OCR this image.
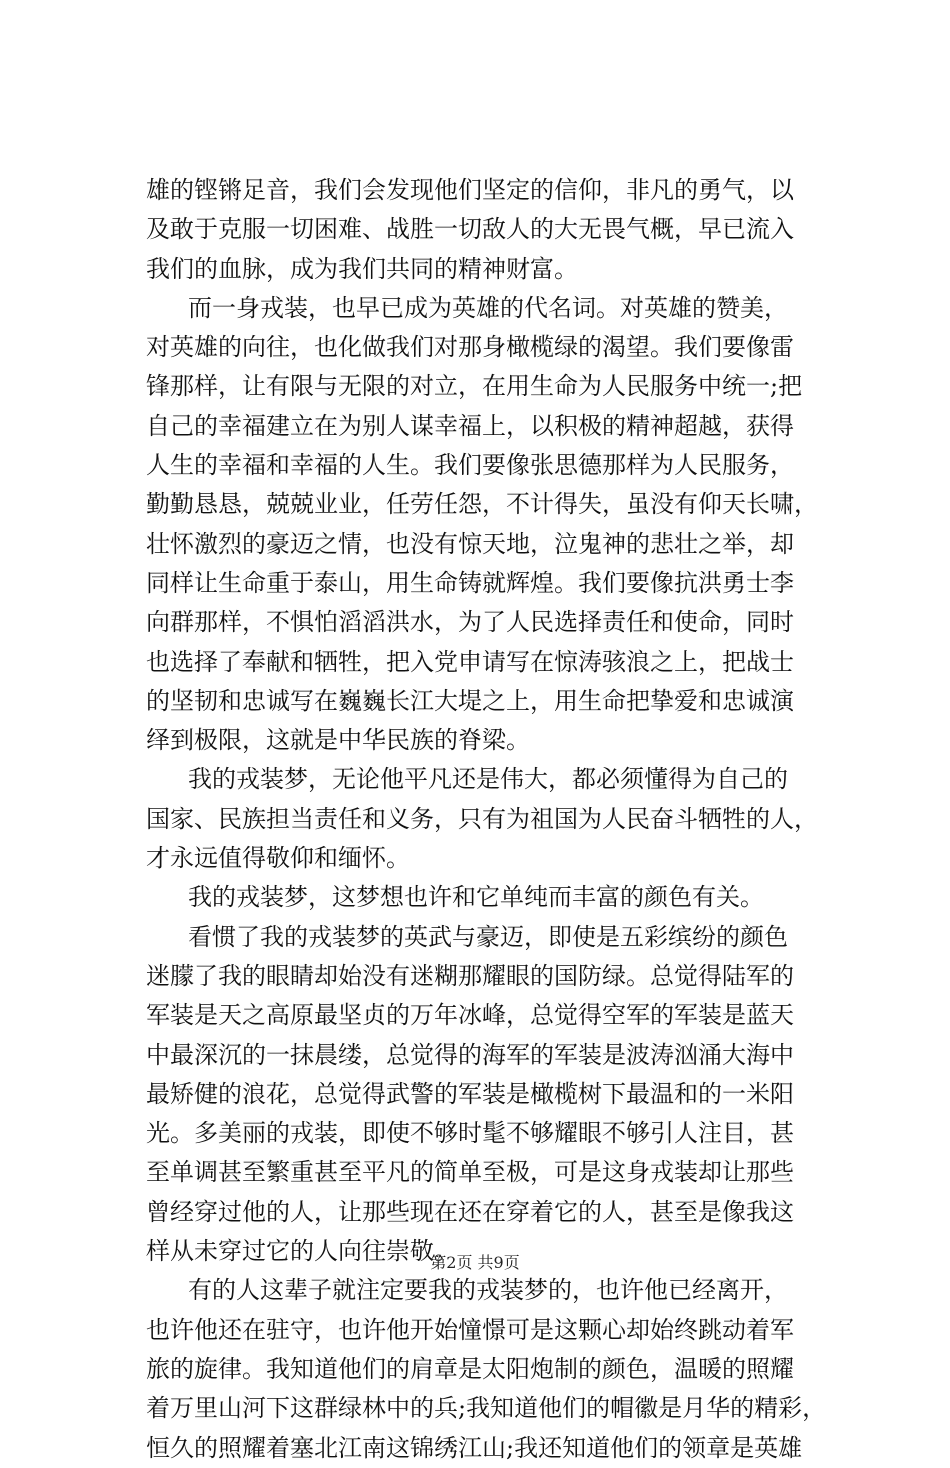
雄的铿锵足音，我们会发现他们坚定的信仰，非凡的勇气，以
及敢于克服一切困难、战胜一切敌人的大无畏气概，早已流入
我们的血脉，成为我们共同的精神财富。
而一身戎装，也早已成为英雄的代名词。对英雄的赞美，
对英雄的向往，也化做我们对那身橄榄绿的渴望。我们要像雷
锋那样，让有限与无限的对立，在用生命为人民服务中统一;把
自己的幸福建立在为别人谋幸福上，以积极的精神超越，获得
人生的幸福和幸福的人生。我们要像张思德那样为人民服务，
勤勤恳恳，兢兢业业，任劳任怨，不计得失，虽没有仰天长啸，
壮怀激烈的豪迈之情，也没有惊天地，泣鬼神的悲壮之举，却
同样让生命重于泰山，用生命铸就辉煌。我们要像抗洪勇士李
向群那样，不惧怕滔滔洪水，为了人民选择责任和使命，同时
也选择了奉献和牺牲，把入党申请写在惊涛骇浪之上，把战士
的坚韧和忠诚写在巍巍长江大堤之上，用生命把挚爱和忠诚演
绎到极限，这就是中华民族的脊梁。
我的戎装梦，无论他平凡还是伟大，都必须懂得为自己的
国家、民族担当责任和义务，只有为祖国为人民奋斗牺牲的人，
才永远值得敬仰和缅怀。
我的戎装梦，这梦想也许和它单纯而丰富的颜色有关。
看惯了我的戎装梦的英武与豪迈，即使是五彩缤纷的颜色
迷朦了我的眼睛却始没有迷糊那耀眼的国防绿。总觉得陆军的
军装是天之高原最坚贞的万年冰峰，总觉得空军的军装是蓝天
中最深沉的一抹晨缕，总觉得的海军的军装是波涛汹涌大海中
最矫健的浪花，总觉得武警的军装是橄榄树下最温和的一米阳
光。多美丽的戎装，即使不够时髦不够耀眼不够引人注目，甚
至单调甚至繁重甚至平凡的简单至极，可是这身戎装却让那些
曾经穿过他的人，让那些现在还在穿着它的人，甚至是像我这
样从未穿过它的人向往崇敬。
有的人这辈子就注定要我的戎装梦的，也许他已经离开，
也许他还在驻守，也许他开始憧憬可是这颗心却始终跳动着军
旅的旋律。我知道他们的肩章是太阳炮制的颜色，温暖的照耀
着万里山河下这群绿林中的兵;我知道他们的帽徽是月华的精彩，
恒久的照耀着塞北江南这锦绣江山;我还知道他们的领章是英雄
第2页 共9页
